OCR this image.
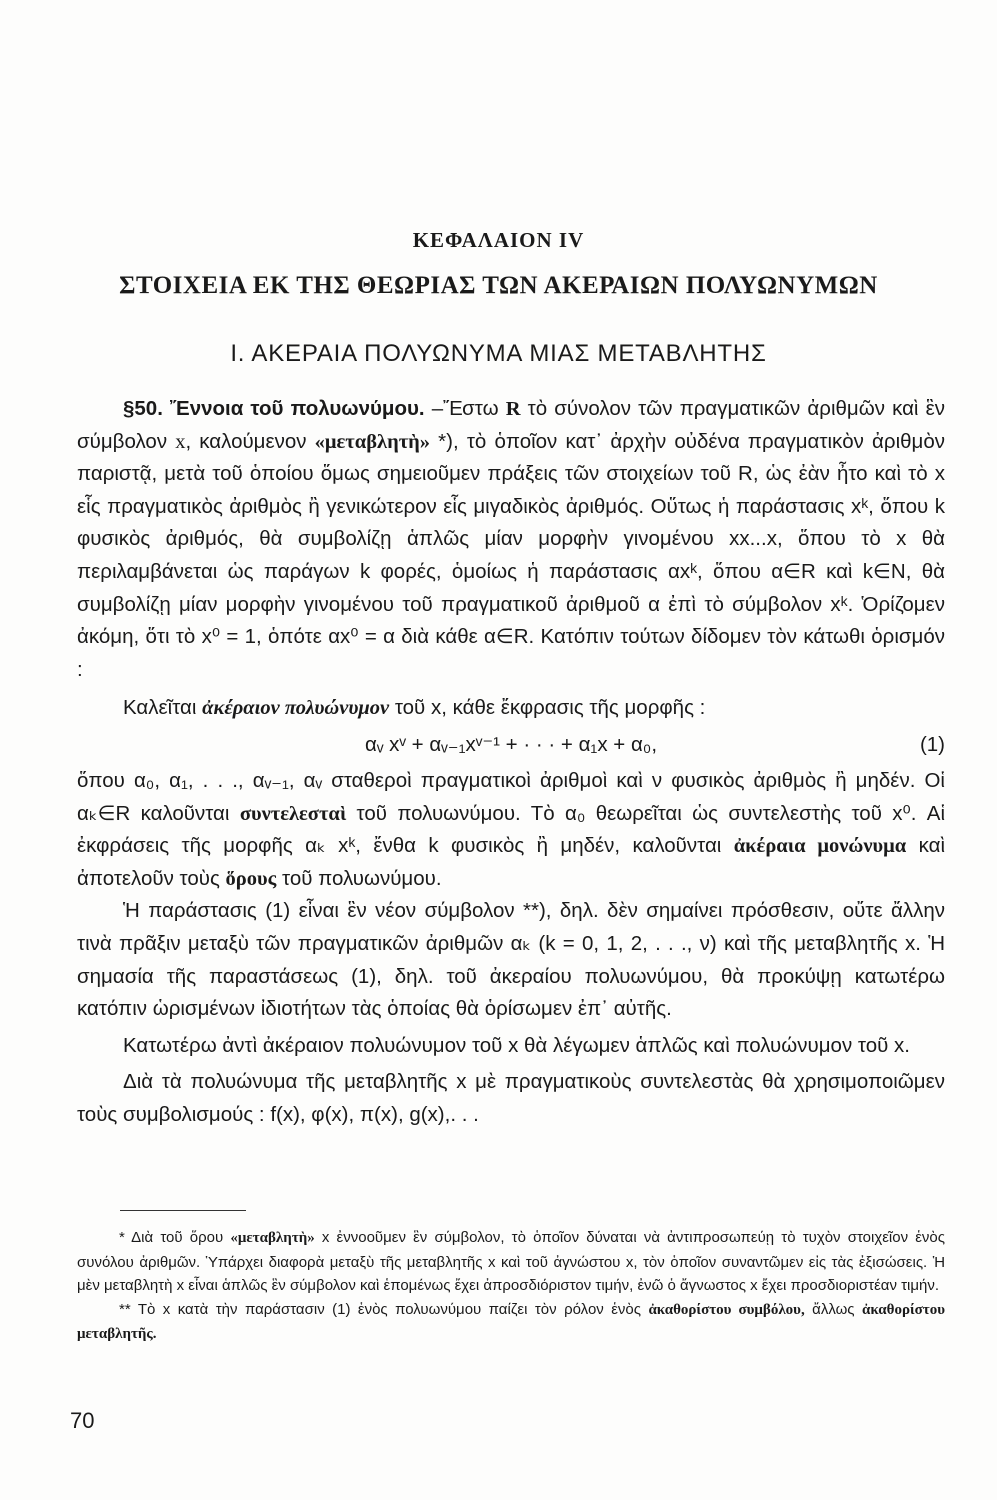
ΚΕΦΑΛΑΙΟΝ IV
ΣΤΟΙΧΕΙΑ ΕΚ ΤΗΣ ΘΕΩΡΙΑΣ ΤΩΝ ΑΚΕΡΑΙΩΝ ΠΟΛΥΩΝΥΜΩΝ
Ι. ΑΚΕΡΑΙΑ ΠΟΛΥΩΝΥΜΑ ΜΙΑΣ ΜΕΤΑΒΛΗΤΗΣ

§50. Ἔννοια τοῦ πολυωνύμου. –Ἔστω R τὸ σύνολον τῶν πραγματικῶν ἀριθμῶν καὶ ἓν σύμβολον x, καλούμενον «μεταβλητὴ» *), τὸ ὁποῖον κατ᾽ ἀρχὴν οὐδένα πραγματικὸν ἀριθμὸν παριστᾷ, μετὰ τοῦ ὁποίου ὅμως σημειοῦμεν πράξεις τῶν στοιχείων τοῦ R, ὡς ἐὰν ἦτο καὶ τὸ x εἷς πραγματικὸς ἀριθμὸς ἢ γενικώτερον εἷς μιγαδικὸς ἀριθμός. Οὕτως ἡ παράστασις xᵏ, ὅπου k φυσικὸς ἀριθμός, θὰ συμβολίζῃ ἁπλῶς μίαν μορφὴν γινομένου xx...x, ὅπου τὸ x θὰ περιλαμβάνεται ὡς παράγων k φορές, ὁμοίως ἡ παράστασις αxᵏ, ὅπου α∈R καὶ k∈N, θὰ συμβολίζῃ μίαν μορφὴν γινομένου τοῦ πραγματικοῦ ἀριθμοῦ α ἐπὶ τὸ σύμβολον xᵏ. Ὁρίζομεν ἀκόμη, ὅτι τὸ x⁰ = 1, ὁπότε αx⁰ = α διὰ κάθε α∈R. Κατόπιν τούτων δίδομεν τὸν κάτωθι ὁρισμόν :

Καλεῖται ἀκέραιον πολυώνυμον τοῦ x, κάθε ἔκφρασις τῆς μορφῆς :

αᵥ xᵛ + αᵥ₋₁xᵛ⁻¹ + · · · + α₁x + α₀,	(1)

ὅπου α₀, α₁, . . ., αᵥ₋₁, αᵥ σταθεροὶ πραγματικοὶ ἀριθμοὶ καὶ ν φυσικὸς ἀριθμὸς ἢ μηδέν. Οἱ αₖ∈R καλοῦνται συντελεσταὶ τοῦ πολυωνύμου. Τὸ α₀ θεωρεῖται ὡς συντελεστὴς τοῦ x⁰. Αἱ ἐκφράσεις τῆς μορφῆς αₖ xᵏ, ἔνθα k φυσικὸς ἢ μηδέν, καλοῦνται ἀκέραια μονώνυμα καὶ ἀποτελοῦν τοὺς ὅρους τοῦ πολυωνύμου.

Ἡ παράστασις (1) εἶναι ἓν νέον σύμβολον **), δηλ. δὲν σημαίνει πρόσθεσιν, οὔτε ἄλλην τινὰ πρᾶξιν μεταξὺ τῶν πραγματικῶν ἀριθμῶν αₖ (k = 0, 1, 2, . . ., ν) καὶ τῆς μεταβλητῆς x. Ἡ σημασία τῆς παραστάσεως (1), δηλ. τοῦ ἀκεραίου πολυωνύμου, θὰ προκύψῃ κατωτέρω κατόπιν ὡρισμένων ἰδιοτήτων τὰς ὁποίας θὰ ὁρίσωμεν ἐπ᾽ αὐτῆς.

Κατωτέρω ἀντὶ ἀκέραιον πολυώνυμον τοῦ x θὰ λέγωμεν ἁπλῶς καὶ πολυώνυμον τοῦ x.

Διὰ τὰ πολυώνυμα τῆς μεταβλητῆς x μὲ πραγματικοὺς συντελεστὰς θὰ χρησιμοποιῶμεν τοὺς συμβολισμούς : f(x), φ(x), π(x), g(x),. . .

* Διὰ τοῦ ὅρου «μεταβλητὴ» x ἐννοοῦμεν ἓν σύμβολον, τὸ ὁποῖον δύναται νὰ ἀντιπροσωπεύῃ τὸ τυχὸν στοιχεῖον ἑνὸς συνόλου ἀριθμῶν. Ὑπάρχει διαφορὰ μεταξὺ τῆς μεταβλητῆς x καὶ τοῦ ἀγνώστου x, τὸν ὁποῖον συναντῶμεν εἰς τὰς ἐξισώσεις. Ἡ μὲν μεταβλητὴ x εἶναι ἁπλῶς ἓν σύμβολον καὶ ἑπομένως ἔχει ἀπροσδιόριστον τιμήν, ἐνῶ ὁ ἄγνωστος x ἔχει προσδιοριστέαν τιμήν.

** Τὸ x κατὰ τὴν παράστασιν (1) ἑνὸς πολυωνύμου παίζει τὸν ρόλον ἑνὸς ἀκαθορίστου συμβόλου, ἄλλως ἀκαθορίστου μεταβλητῆς.

70
